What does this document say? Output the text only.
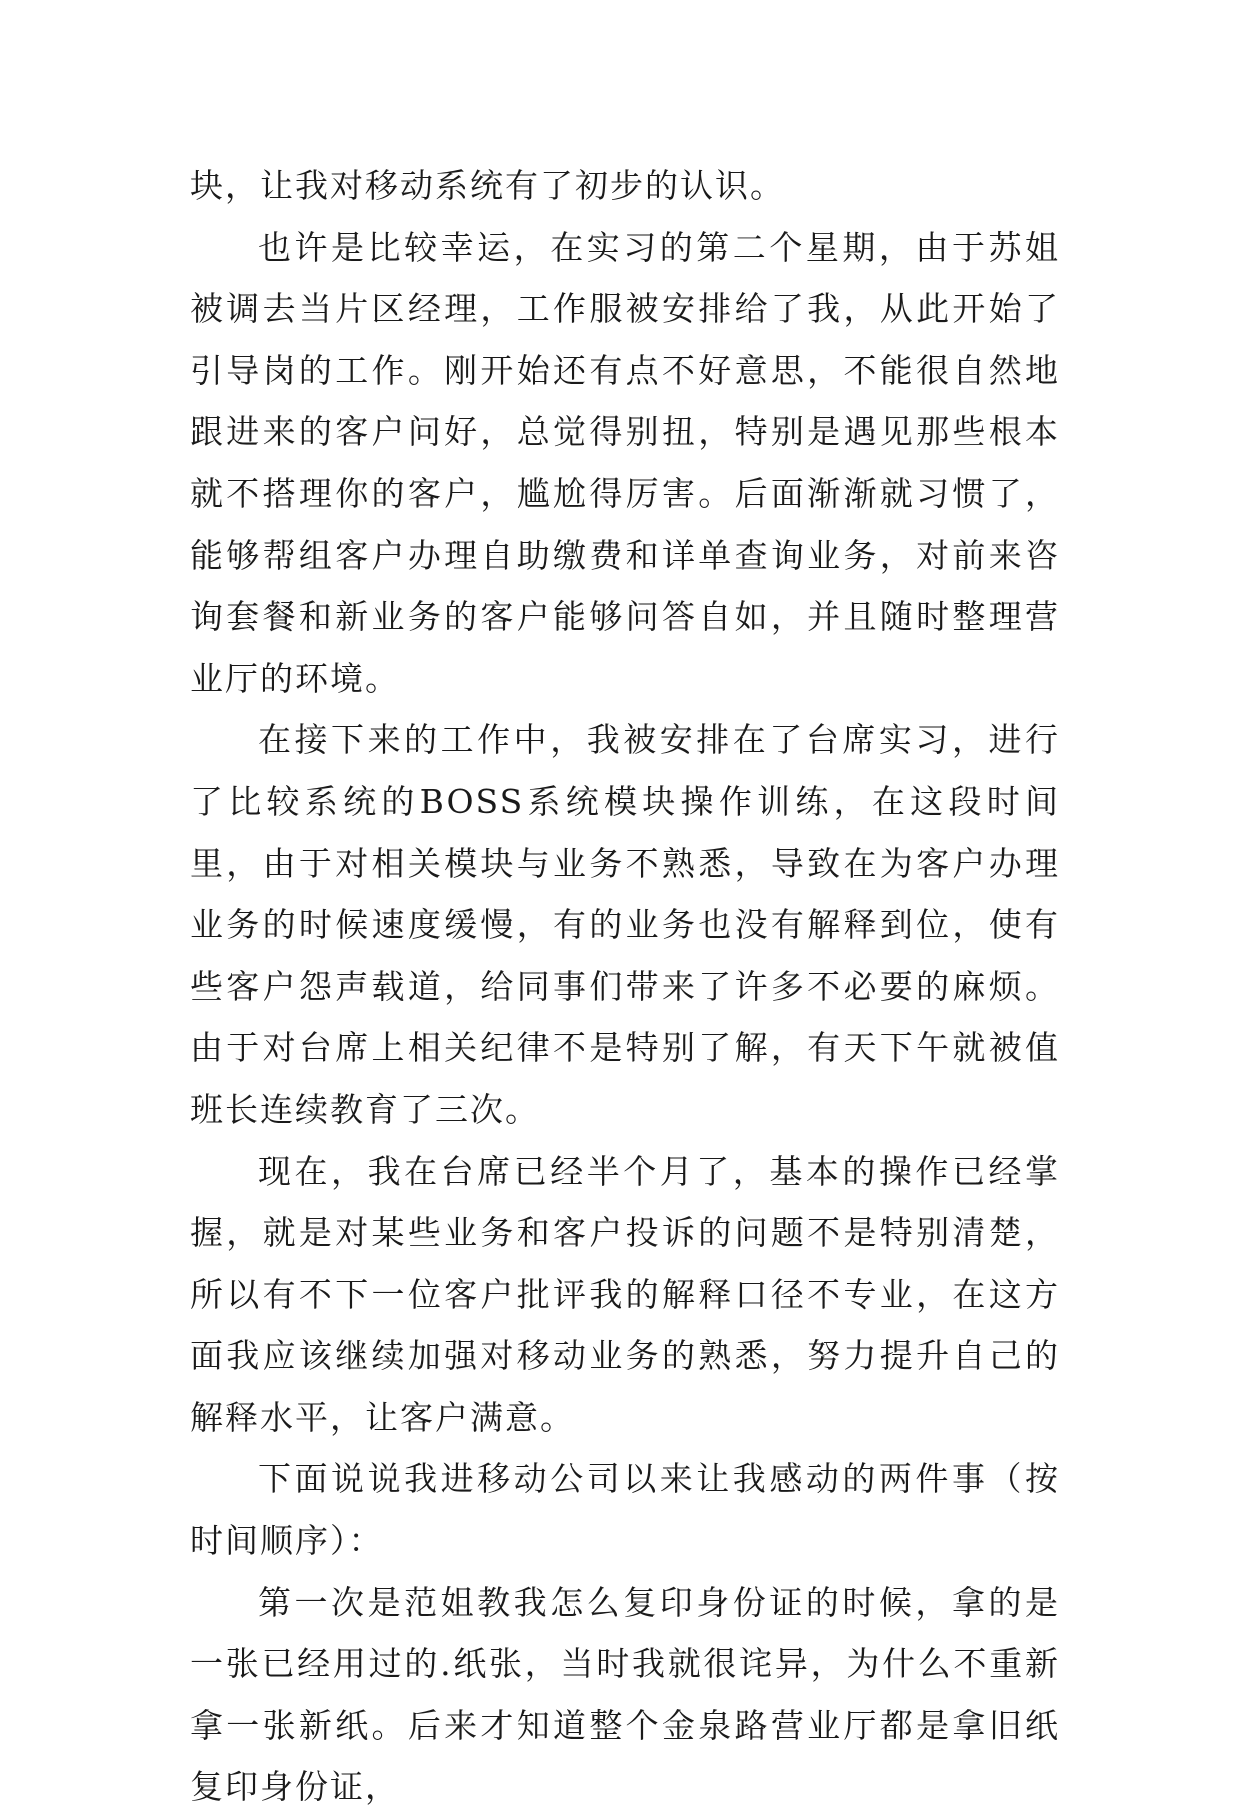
块，让我对移动系统有了初步的认识。

也许是比较幸运，在实习的第二个星期，由于苏姐被调去当片区经理，工作服被安排给了我，从此开始了引导岗的工作。刚开始还有点不好意思，不能很自然地跟进来的客户问好，总觉得别扭，特别是遇见那些根本就不搭理你的客户，尴尬得厉害。后面渐渐就习惯了，能够帮组客户办理自助缴费和详单查询业务，对前来咨询套餐和新业务的客户能够问答自如，并且随时整理营业厅的环境。

在接下来的工作中，我被安排在了台席实习，进行了比较系统的BOSS系统模块操作训练，在这段时间里，由于对相关模块与业务不熟悉，导致在为客户办理业务的时候速度缓慢，有的业务也没有解释到位，使有些客户怨声载道，给同事们带来了许多不必要的麻烦。由于对台席上相关纪律不是特别了解，有天下午就被值班长连续教育了三次。

现在，我在台席已经半个月了，基本的操作已经掌握，就是对某些业务和客户投诉的问题不是特别清楚，所以有不下一位客户批评我的解释口径不专业，在这方面我应该继续加强对移动业务的熟悉，努力提升自己的解释水平，让客户满意。

下面说说我进移动公司以来让我感动的两件事（按时间顺序）：

第一次是范姐教我怎么复印身份证的时候，拿的是一张已经用过的.纸张，当时我就很诧异，为什么不重新拿一张新纸。后来才知道整个金泉路营业厅都是拿旧纸复印身份证，
